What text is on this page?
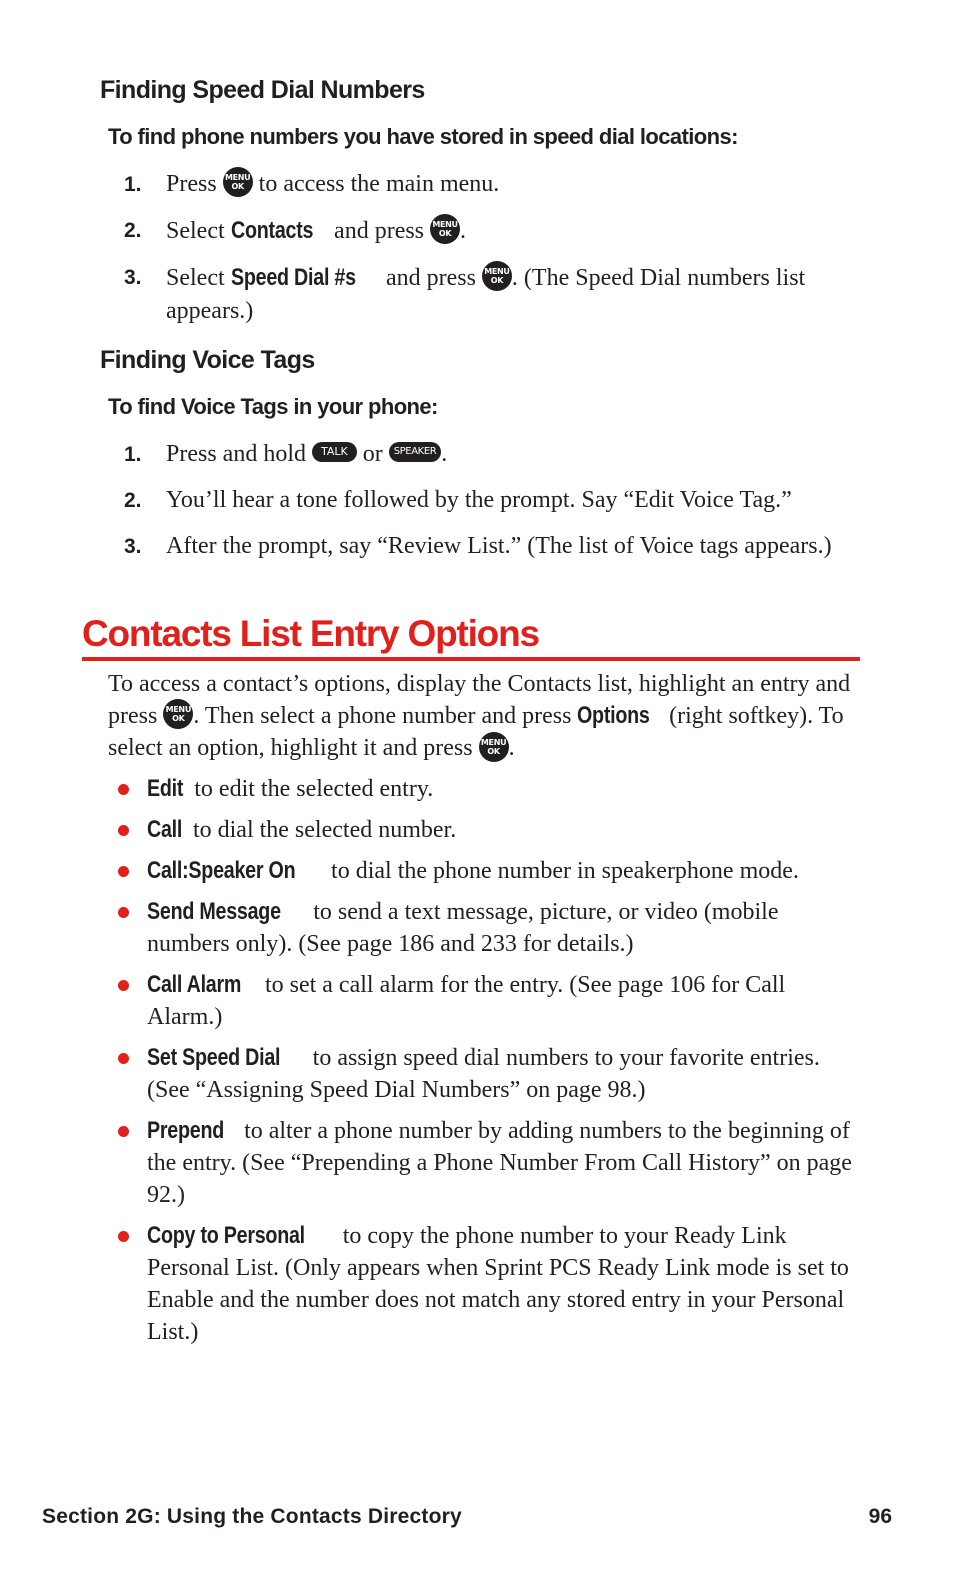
Finding Speed Dial Numbers

To find phone numbers you have stored in speed dial locations:

1. Press MENU
OK to access the main menu.
2. Select Contacts and press MENU
OK .
3. Select Speed Dial #s and press MENU
OK . (The Speed Dial numbers list appears.)
Finding Voice Tags

To find Voice Tags in your phone:

1. Press and hold TALK or SPEAKER .
2. You’ll hear a tone followed by the prompt. Say “Edit Voice Tag.”
3. After the prompt, say “Review List.” (The list of Voice tags appears.)
Contacts List Entry Options

To access a contact’s options, display the Contacts list, highlight an entry and press MENU
OK . Then select a phone number and press Options (right softkey). To select an option, highlight it and press MENU
OK .

Edit to edit the selected entry.
Call to dial the selected number.
Call:Speaker On to dial the phone number in speakerphone mode.
Send Message to send a text message, picture, or video (mobile numbers only). (See page 186 and 233 for details.)
Call Alarm to set a call alarm for the entry. (See page 106 for Call Alarm.)
Set Speed Dial to assign speed dial numbers to your favorite entries. (See “Assigning Speed Dial Numbers” on page 98.)
Prepend to alter a phone number by adding numbers to the beginning of the entry. (See “Prepending a Phone Number From Call History” on page 92.)
Copy to Personal to copy the phone number to your Ready Link Personal List. (Only appears when Sprint PCS Ready Link mode is set to Enable and the number does not match any stored entry in your Personal List.)

Section 2G: Using the Contacts Directory	96
